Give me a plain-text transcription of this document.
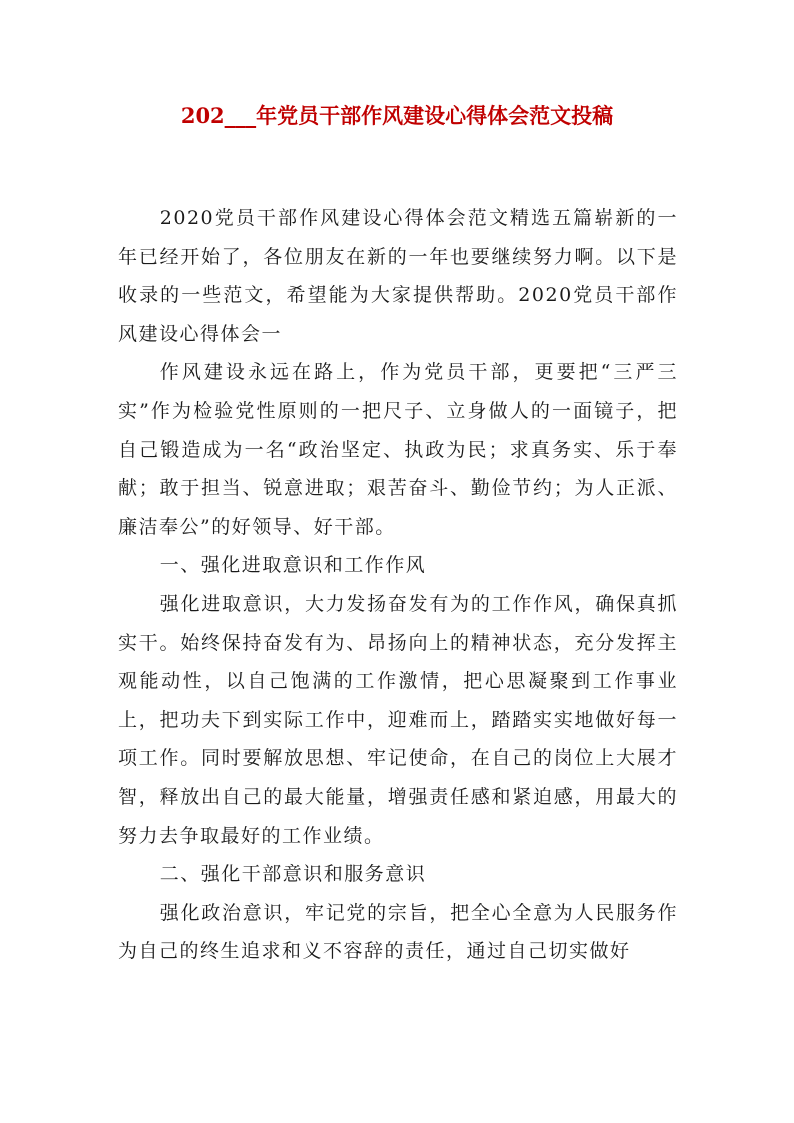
202___年党员干部作风建设心得体会范文投稿

2020党员干部作风建设心得体会范文精选五篇崭新的一年已经开始了，各位朋友在新的一年也要继续努力啊。以下是收录的一些范文，希望能为大家提供帮助。2020党员干部作风建设心得体会一

作风建设永远在路上，作为党员干部，更要把“三严三实”作为检验党性原则的一把尺子、立身做人的一面镜子，把自己锻造成为一名“政治坚定、执政为民；求真务实、乐于奉献；敢于担当、锐意进取；艰苦奋斗、勤俭节约；为人正派、廉洁奉公”的好领导、好干部。

一、强化进取意识和工作作风

强化进取意识，大力发扬奋发有为的工作作风，确保真抓实干。始终保持奋发有为、昂扬向上的精神状态，充分发挥主观能动性，以自己饱满的工作激情，把心思凝聚到工作事业上，把功夫下到实际工作中，迎难而上，踏踏实实地做好每一项工作。同时要解放思想、牢记使命，在自己的岗位上大展才智，释放出自己的最大能量，增强责任感和紧迫感，用最大的努力去争取最好的工作业绩。

二、强化干部意识和服务意识

强化政治意识，牢记党的宗旨，把全心全意为人民服务作为自己的终生追求和义不容辞的责任，通过自己切实做好
